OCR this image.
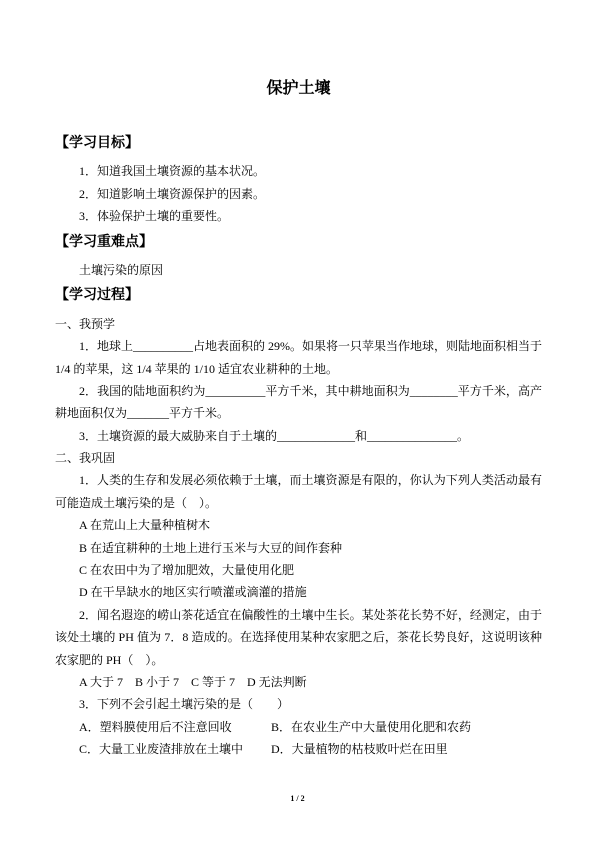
保护土壤
【学习目标】
1．知道我国土壤资源的基本状况。
2．知道影响土壤资源保护的因素。
3．体验保护土壤的重要性。
【学习重难点】
土壤污染的原因
【学习过程】
一、我预学
1．地球上__________占地表面积的 29%。如果将一只苹果当作地球，则陆地面积相当于
1/4 的苹果，这 1/4 苹果的 1/10 适宜农业耕种的土地。
2．我国的陆地面积约为__________平方千米，其中耕地面积为________平方千米，高产
耕地面积仅为_______平方千米。
3．土壤资源的最大威胁来自于土壤的_____________和_______________。
二、我巩固
1．人类的生存和发展必须依赖于土壤，而土壤资源是有限的，你认为下列人类活动最有
可能造成土壤污染的是（　）。
A 在荒山上大量种植树木
B 在适宜耕种的土地上进行玉米与大豆的间作套种
C 在农田中为了增加肥效，大量使用化肥
D 在干旱缺水的地区实行喷灌或滴灌的措施
2．闻名遐迩的崂山茶花适宜在偏酸性的土壤中生长。某处茶花长势不好，经测定，由于
该处土壤的 PH 值为 7．8 造成的。在选择使用某种农家肥之后，茶花长势良好，这说明该种
农家肥的 PH（　）。
A 大于 7　B 小于 7　C 等于 7　D 无法判断
3．下列不会引起土壤污染的是（　　）
A．塑料膜使用后不注意回收	B．在农业生产中大量使用化肥和农药
C．大量工业废渣排放在土壤中	D．大量植物的枯枝败叶烂在田里
1 / 2
